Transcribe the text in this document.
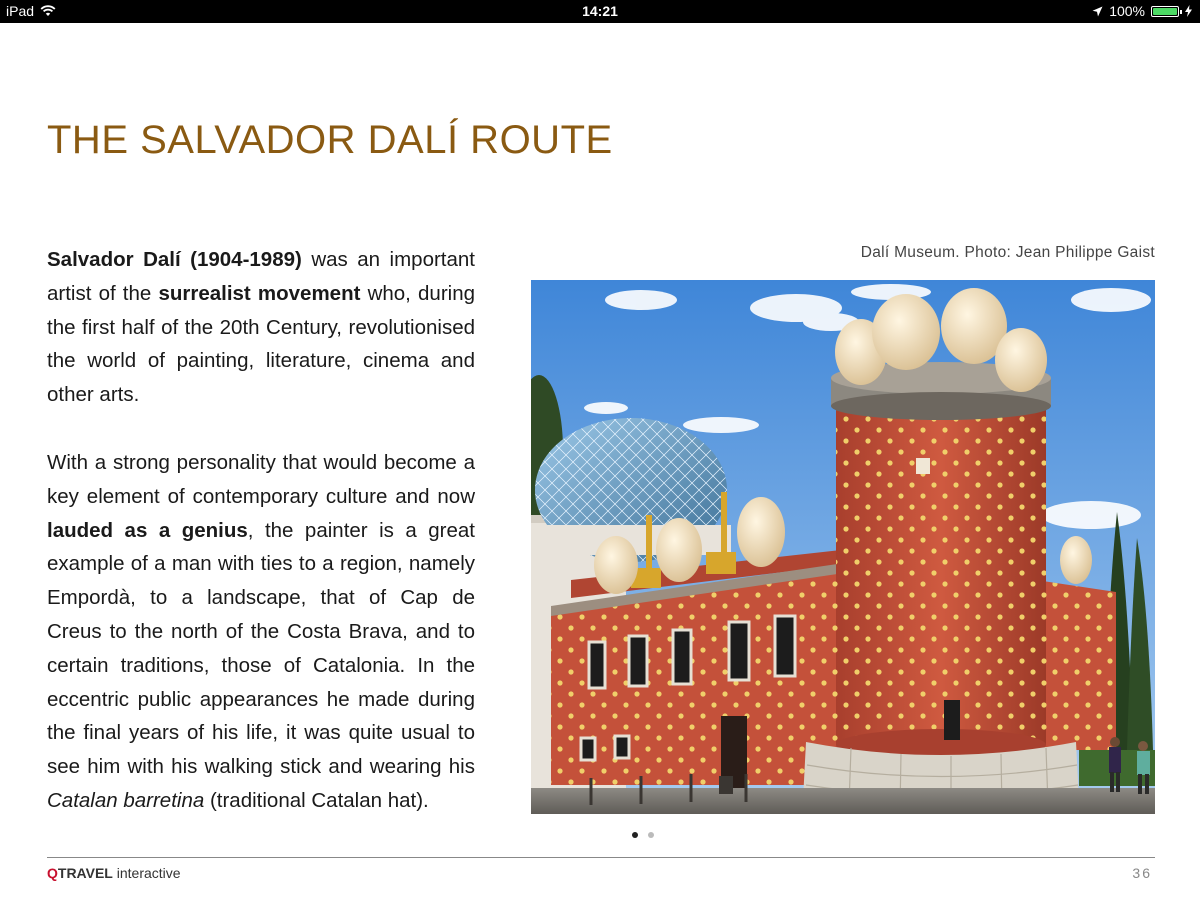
iPad	14:21	100%
THE SALVADOR DALÍ ROUTE

Salvador Dalí (1904-1989) was an important artist of the surrealist movement who, during the first half of the 20th Century, revolutionised the world of painting, literature, cinema and other arts.

With a strong personality that would become a key element of contemporary culture and now lauded as a genius, the painter is a great example of a man with ties to a region, namely Empordà, to a landscape, that of Cap de Creus to the north of the Costa Brava, and to certain traditions, those of Catalonia. In the eccentric public appearances he made during the final years of his life, it was quite usual to see him with his walking stick and wearing his Catalan barretina (traditional Catalan hat).

Dalí Museum. Photo: Jean Philippe Gaist
QTRAVEL interactive	36
